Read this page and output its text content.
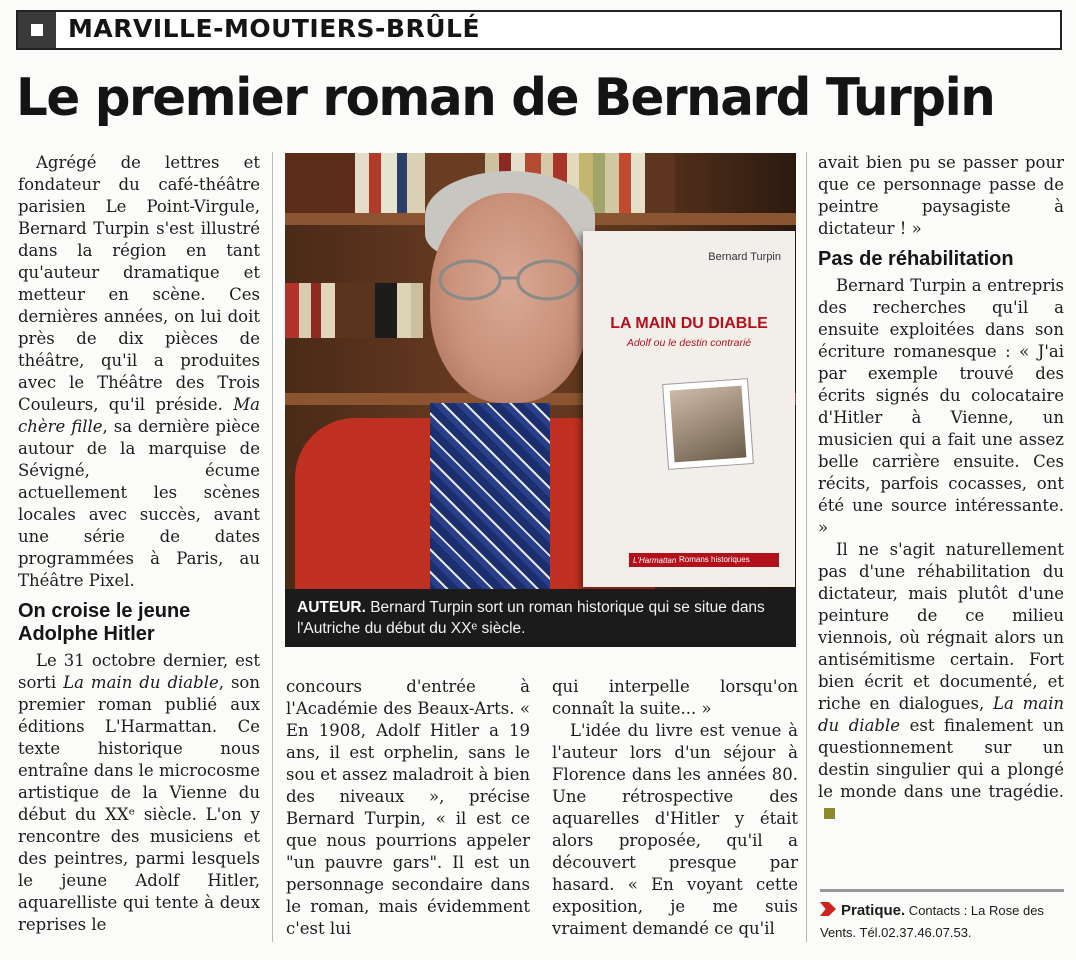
MARVILLE-MOUTIERS-BRÛLÉ
Le premier roman de Bernard Turpin

Agrégé de lettres et fondateur du café-théâtre parisien Le Point-Virgule, Bernard Turpin s'est illustré dans la région en tant qu'auteur dramatique et metteur en scène. Ces dernières années, on lui doit près de dix pièces de théâtre, qu'il a produites avec le Théâtre des Trois Couleurs, qu'il préside. Ma chère fille, sa dernière pièce autour de la marquise de Sévigné, écume actuellement les scènes locales avec succès, avant une série de dates programmées à Paris, au Théâtre Pixel.

On croise le jeune Adolphe Hitler

Le 31 octobre dernier, est sorti La main du diable, son premier roman publié aux éditions L'Harmattan. Ce texte historique nous entraîne dans le microcosme artistique de la Vienne du début du XXᵉ siècle. L'on y rencontre des musiciens et des peintres, parmi lesquels le jeune Adolf Hitler, aquarelliste qui tente à deux reprises le

Bernard Turpin
LA MAIN DU DIABLE
Adolf ou le destin contrarié
L'Harmattan Romans historiques
AUTEUR. Bernard Turpin sort un roman historique qui se situe dans l'Autriche du début du XXᵉ siècle.

concours d'entrée à l'Académie des Beaux-Arts. « En 1908, Adolf Hitler a 19 ans, il est orphelin, sans le sou et assez maladroit à bien des niveaux », précise Bernard Turpin, « il est ce que nous pourrions appeler "un pauvre gars". Il est un personnage secondaire dans le roman, mais évidemment c'est lui

qui interpelle lorsqu'on connaît la suite... »

L'idée du livre est venue à l'auteur lors d'un séjour à Florence dans les années 80. Une rétrospective des aquarelles d'Hitler y était alors proposée, qu'il a découvert presque par hasard. « En voyant cette exposition, je me suis vraiment demandé ce qu'il

avait bien pu se passer pour que ce personnage passe de peintre paysagiste à dictateur ! »

Pas de réhabilitation

Bernard Turpin a entrepris des recherches qu'il a ensuite exploitées dans son écriture romanesque : « J'ai par exemple trouvé des écrits signés du colocataire d'Hitler à Vienne, un musicien qui a fait une assez belle carrière ensuite. Ces récits, parfois cocasses, ont été une source intéressante. »

Il ne s'agit naturellement pas d'une réhabilitation du dictateur, mais plutôt d'une peinture de ce milieu viennois, où régnait alors un antisémitisme certain. Fort bien écrit et documenté, et riche en dialogues, La main du diable est finalement un questionnement sur un destin singulier qui a plongé le monde dans une tragédie.

Pratique. Contacts : La Rose des Vents. Tél.02.37.46.07.53.
